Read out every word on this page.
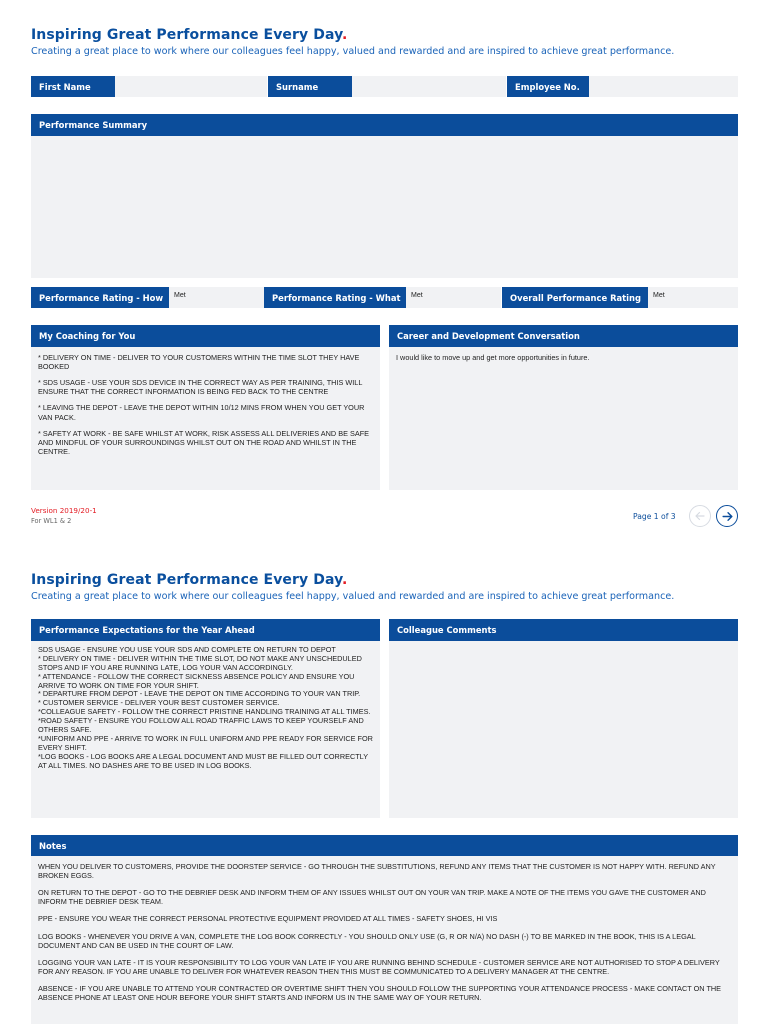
Inspiring Great Performance Every Day.
Creating a great place to work where our colleagues feel happy, valued and rewarded and are inspired to achieve great performance.
First Name	Surname	Employee No.
Performance Summary
Performance Rating - How	Met	Performance Rating - What	Met	Overall Performance Rating	Met
My Coaching for You

* DELIVERY ON TIME - DELIVER TO YOUR CUSTOMERS WITHIN THE TIME SLOT THEY HAVE BOOKED

* SDS USAGE - USE YOUR SDS DEVICE IN THE CORRECT WAY AS PER TRAINING, THIS WILL ENSURE THAT THE CORRECT INFORMATION IS BEING FED BACK TO THE CENTRE

* LEAVING THE DEPOT - LEAVE THE DEPOT WITHIN 10/12 MINS FROM WHEN YOU GET YOUR VAN PACK.

* SAFETY AT WORK - BE SAFE WHILST AT WORK, RISK ASSESS ALL DELIVERIES AND BE SAFE AND MINDFUL OF YOUR SURROUNDINGS WHILST OUT ON THE ROAD AND WHILST IN THE CENTRE.

Career and Development Conversation

I would like to move up and get more opportunities in future.

Version 2019/20-1
For WL1 & 2	Page 1 of 3
Inspiring Great Performance Every Day.
Creating a great place to work where our colleagues feel happy, valued and rewarded and are inspired to achieve great performance.
Performance Expectations for the Year Ahead

SDS USAGE - ENSURE YOU USE YOUR SDS AND COMPLETE ON RETURN TO DEPOT

* DELIVERY ON TIME - DELIVER WITHIN THE TIME SLOT, DO NOT MAKE ANY UNSCHEDULED STOPS AND IF YOU ARE RUNNING LATE, LOG YOUR VAN ACCORDINGLY.

* ATTENDANCE - FOLLOW THE CORRECT SICKNESS ABSENCE POLICY AND ENSURE YOU ARRIVE TO WORK ON TIME FOR YOUR SHIFT.

* DEPARTURE FROM DEPOT - LEAVE THE DEPOT ON TIME ACCORDING TO YOUR VAN TRIP.

* CUSTOMER SERVICE - DELIVER YOUR BEST CUSTOMER SERVICE.

*COLLEAGUE SAFETY - FOLLOW THE CORRECT PRISTINE HANDLING TRAINING AT ALL TIMES.

*ROAD SAFETY - ENSURE YOU FOLLOW ALL ROAD TRAFFIC LAWS TO KEEP YOURSELF AND OTHERS SAFE.

*UNIFORM AND PPE - ARRIVE TO WORK IN FULL UNIFORM AND PPE READY FOR SERVICE FOR EVERY SHIFT.

*LOG BOOKS - LOG BOOKS ARE A LEGAL DOCUMENT AND MUST BE FILLED OUT CORRECTLY AT ALL TIMES. NO DASHES ARE TO BE USED IN LOG BOOKS.

Colleague Comments
Notes

WHEN YOU DELIVER TO CUSTOMERS, PROVIDE THE DOORSTEP SERVICE - GO THROUGH THE SUBSTITUTIONS, REFUND ANY ITEMS THAT THE CUSTOMER IS NOT HAPPY WITH. REFUND ANY BROKEN EGGS.

ON RETURN TO THE DEPOT - GO TO THE DEBRIEF DESK AND INFORM THEM OF ANY ISSUES WHILST OUT ON YOUR VAN TRIP. MAKE A NOTE OF THE ITEMS YOU GAVE THE CUSTOMER AND INFORM THE DEBRIEF DESK TEAM.

PPE - ENSURE YOU WEAR THE CORRECT PERSONAL PROTECTIVE EQUIPMENT PROVIDED AT ALL TIMES - SAFETY SHOES, HI VIS

LOG BOOKS - WHENEVER YOU DRIVE A VAN, COMPLETE THE LOG BOOK CORRECTLY - YOU SHOULD ONLY USE (G, R OR N/A) NO DASH (-) TO BE MARKED IN THE BOOK, THIS IS A LEGAL DOCUMENT AND CAN BE USED IN THE COURT OF LAW.

LOGGING YOUR VAN LATE - IT IS YOUR RESPONSIBILITY TO LOG YOUR VAN LATE IF YOU ARE RUNNING BEHIND SCHEDULE - CUSTOMER SERVICE ARE NOT AUTHORISED TO STOP A DELIVERY FOR ANY REASON. IF YOU ARE UNABLE TO DELIVER FOR WHATEVER REASON THEN THIS MUST BE COMMUNICATED TO A DELIVERY MANAGER AT THE CENTRE.

ABSENCE - IF YOU ARE UNABLE TO ATTEND YOUR CONTRACTED OR OVERTIME SHIFT THEN YOU SHOULD FOLLOW THE SUPPORTING YOUR ATTENDANCE PROCESS - MAKE CONTACT ON THE ABSENCE PHONE AT LEAST ONE HOUR BEFORE YOUR SHIFT STARTS AND INFORM US IN THE SAME WAY OF YOUR RETURN.
